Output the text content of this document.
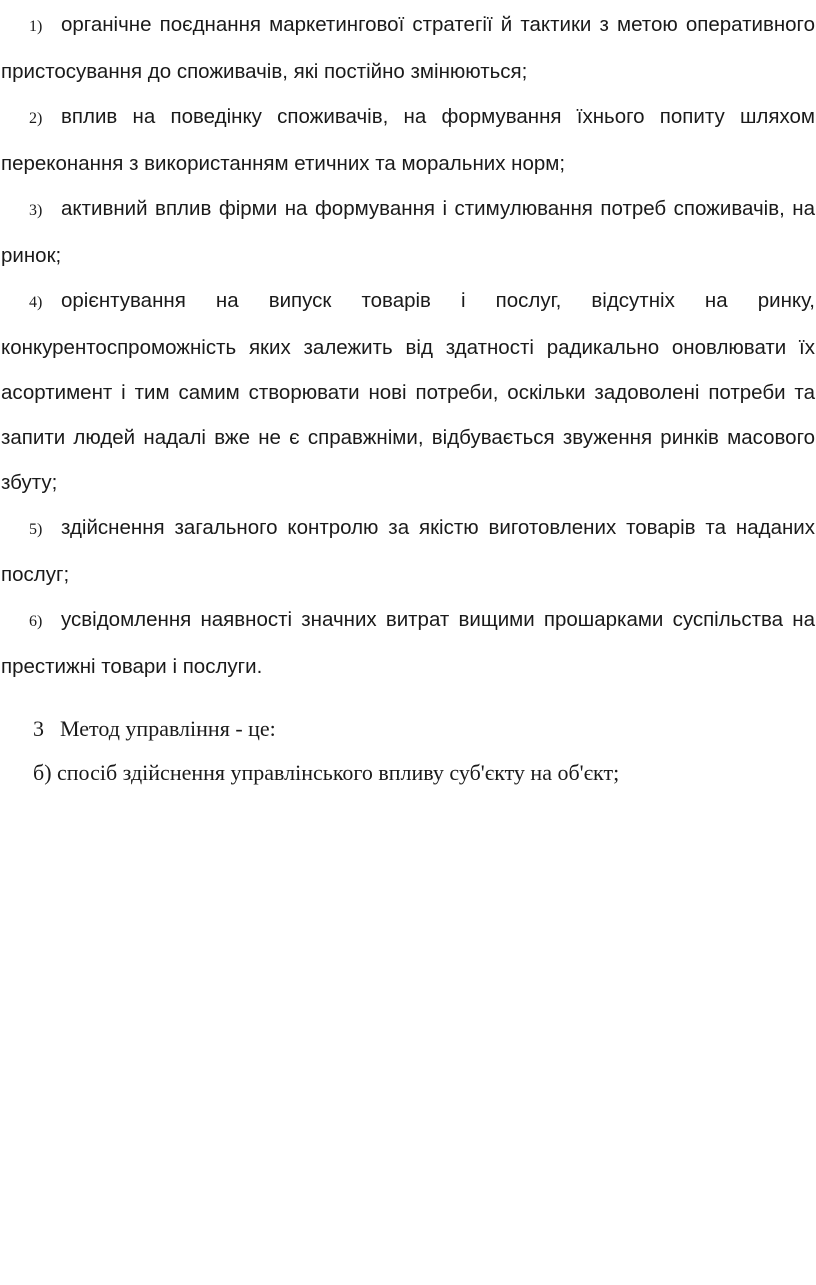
1) органічне поєднання маркетингової стратегії й тактики з метою оперативного пристосування до споживачів, які постійно змінюються;

2) вплив на поведінку споживачів, на формування їхнього попиту шляхом переконання з використанням етичних та моральних норм;

3) активний вплив фірми на формування і стимулювання потреб споживачів, на ринок;

4) орієнтування на випуск товарів і послуг, відсутніх на ринку, конкурентоспроможність яких залежить від здатності радикально оновлювати їх асортимент і тим самим створювати нові потреби, оскільки задоволені потреби та запити людей надалі вже не є справжніми, відбувається звуження ринків масового збуту;

5) здійснення загального контролю за якістю виготовлених товарів та наданих послуг;

6) усвідомлення наявності значних витрат вищими прошарками суспільства на престижні товари і послуги.

3 Метод управління - це:
б) спосіб здійснення управлінського впливу суб'єкту на об'єкт;
